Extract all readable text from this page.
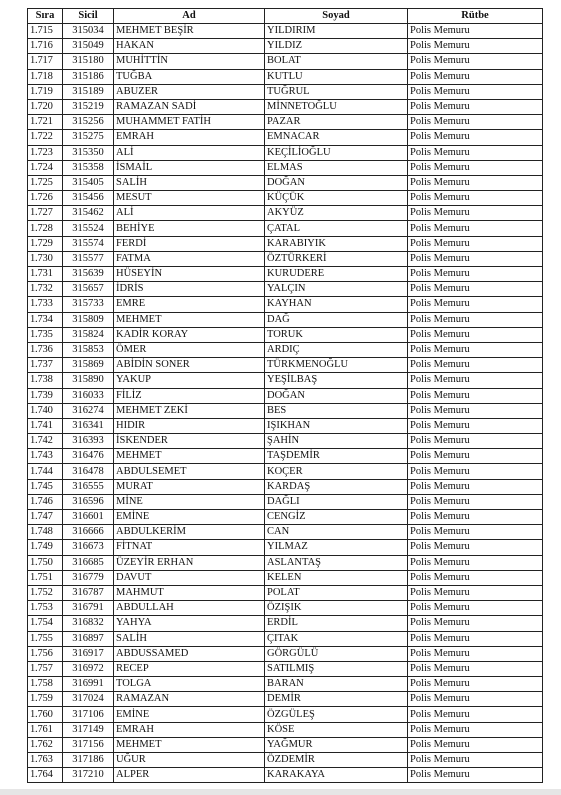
Sıra	Sicil	Ad	Soyad	Rütbe
1.715	315034	MEHMET BEŞİR	YILDIRIM	Polis Memuru
1.716	315049	HAKAN	YILDIZ	Polis Memuru
1.717	315180	MUHİTTİN	BOLAT	Polis Memuru
1.718	315186	TUĞBA	KUTLU	Polis Memuru
1.719	315189	ABUZER	TUĞRUL	Polis Memuru
1.720	315219	RAMAZAN SADİ	MİNNETOĞLU	Polis Memuru
1.721	315256	MUHAMMET FATİH	PAZAR	Polis Memuru
1.722	315275	EMRAH	EMNACAR	Polis Memuru
1.723	315350	ALİ	KEÇİLİOĞLU	Polis Memuru
1.724	315358	İSMAİL	ELMAS	Polis Memuru
1.725	315405	SALİH	DOĞAN	Polis Memuru
1.726	315456	MESUT	KÜÇÜK	Polis Memuru
1.727	315462	ALİ	AKYÜZ	Polis Memuru
1.728	315524	BEHİYE	ÇATAL	Polis Memuru
1.729	315574	FERDİ	KARABIYIK	Polis Memuru
1.730	315577	FATMA	ÖZTÜRKERİ	Polis Memuru
1.731	315639	HÜSEYİN	KURUDERE	Polis Memuru
1.732	315657	İDRİS	YALÇIN	Polis Memuru
1.733	315733	EMRE	KAYHAN	Polis Memuru
1.734	315809	MEHMET	DAĞ	Polis Memuru
1.735	315824	KADİR KORAY	TORUK	Polis Memuru
1.736	315853	ÖMER	ARDIÇ	Polis Memuru
1.737	315869	ABİDİN SONER	TÜRKMENOĞLU	Polis Memuru
1.738	315890	YAKUP	YEŞİLBAŞ	Polis Memuru
1.739	316033	FİLİZ	DOĞAN	Polis Memuru
1.740	316274	MEHMET ZEKİ	BES	Polis Memuru
1.741	316341	HIDIR	IŞIKHAN	Polis Memuru
1.742	316393	İSKENDER	ŞAHİN	Polis Memuru
1.743	316476	MEHMET	TAŞDEMİR	Polis Memuru
1.744	316478	ABDULSEMET	KOÇER	Polis Memuru
1.745	316555	MURAT	KARDAŞ	Polis Memuru
1.746	316596	MİNE	DAĞLI	Polis Memuru
1.747	316601	EMİNE	CENGİZ	Polis Memuru
1.748	316666	ABDULKERİM	CAN	Polis Memuru
1.749	316673	FİTNAT	YILMAZ	Polis Memuru
1.750	316685	ÜZEYİR ERHAN	ASLANTAŞ	Polis Memuru
1.751	316779	DAVUT	KELEN	Polis Memuru
1.752	316787	MAHMUT	POLAT	Polis Memuru
1.753	316791	ABDULLAH	ÖZIŞIK	Polis Memuru
1.754	316832	YAHYA	ERDİL	Polis Memuru
1.755	316897	SALİH	ÇITAK	Polis Memuru
1.756	316917	ABDUSSAMED	GÖRGÜLÜ	Polis Memuru
1.757	316972	RECEP	SATILMIŞ	Polis Memuru
1.758	316991	TOLGA	BARAN	Polis Memuru
1.759	317024	RAMAZAN	DEMİR	Polis Memuru
1.760	317106	EMİNE	ÖZGÜLEŞ	Polis Memuru
1.761	317149	EMRAH	KÖSE	Polis Memuru
1.762	317156	MEHMET	YAĞMUR	Polis Memuru
1.763	317186	UĞUR	ÖZDEMİR	Polis Memuru
1.764	317210	ALPER	KARAKAYA	Polis Memuru
